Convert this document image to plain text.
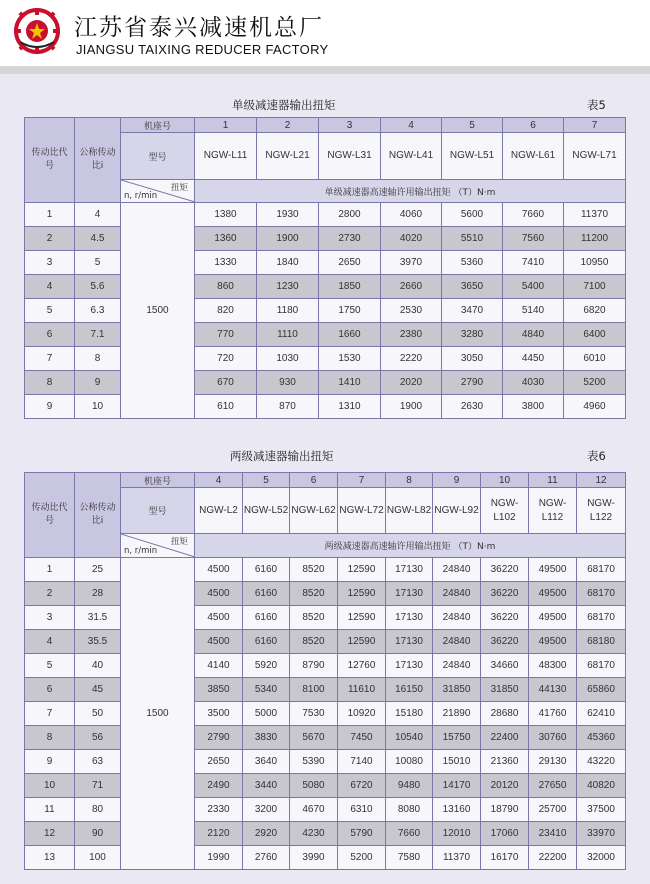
江苏省泰兴减速机总厂
JIANGSU TAIXING REDUCER FACTORY
单级减速器输出扭矩	表5
传动比代号	公称传动比i	机座号	1	2	3	4	5	6	7
		型号	NGW-L11	NGW-L21	NGW-L31	NGW-L41	NGW-L51	NGW-L61	NGW-L71

		扭矩
n, r/min	单级减速器高速轴许用输出扭矩 （T）N·m						
1	4	1500	1380	1930	2800	4060	5600	7660	11370
2	4.5		1360	1900	2730	4020	5510	7560	11200
3	5		1330	1840	2650	3970	5360	7410	10950
4	5.6		860	1230	1850	2660	3650	5400	7100
5	6.3		820	1180	1750	2530	3470	5140	6820
6	7.1		770	1110	1660	2380	3280	4840	6400
7	8		720	1030	1530	2220	3050	4450	6010
8	9		670	930	1410	2020	2790	4030	5200
9	10		610	870	1310	1900	2630	3800	4960
两级减速器输出扭矩	表6
传动比代号	公称传动比i	机座号	4	5	6	7	8	9	10	11	12
		型号	NGW-L2	NGW-L52	NGW-L62	NGW-L72	NGW-L82	NGW-L92	NGW-L102	NGW-L112	NGW-L122

		扭矩
n, r/min	两级减速器高速轴许用输出扭矩 （T）N·m								
1	25	1500	4500	6160	8520	12590	17130	24840	36220	49500	68170
2	28		4500	6160	8520	12590	17130	24840	36220	49500	68170
3	31.5		4500	6160	8520	12590	17130	24840	36220	49500	68170
4	35.5		4500	6160	8520	12590	17130	24840	36220	49500	68180
5	40		4140	5920	8790	12760	17130	24840	34660	48300	68170
6	45		3850	5340	8100	11610	16150	31850	31850	44130	65860
7	50		3500	5000	7530	10920	15180	21890	28680	41760	62410
8	56		2790	3830	5670	7450	10540	15750	22400	30760	45360
9	63		2650	3640	5390	7140	10080	15010	21360	29130	43220
10	71		2490	3440	5080	6720	9480	14170	20120	27650	40820
11	80		2330	3200	4670	6310	8080	13160	18790	25700	37500
12	90		2120	2920	4230	5790	7660	12010	17060	23410	33970
13	100		1990	2760	3990	5200	7580	11370	16170	22200	32000
